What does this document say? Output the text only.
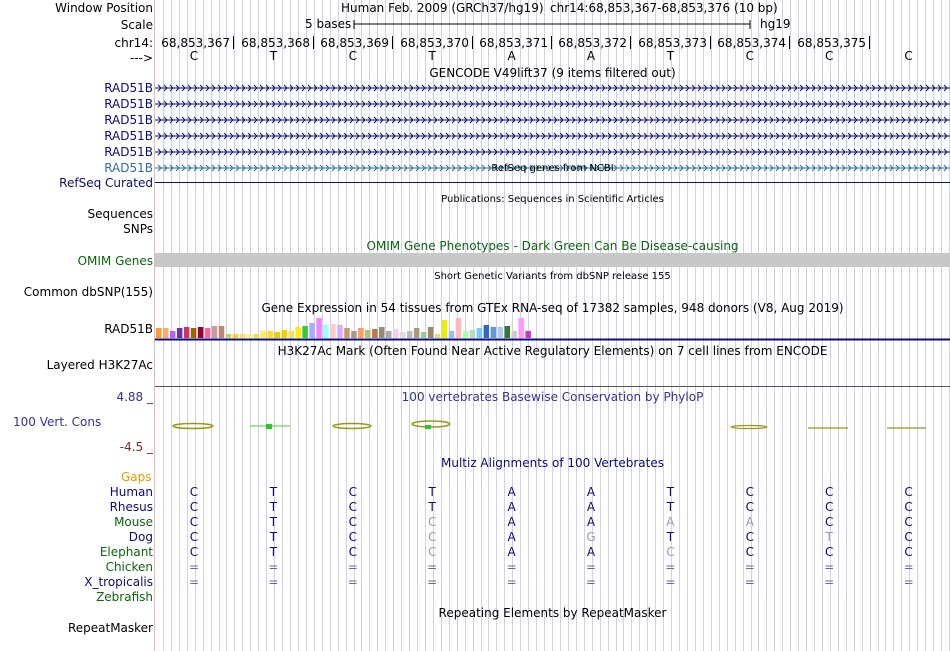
Window Position	Human Feb. 2009 (GRCh37/hg19) chr14:68,853,367-68,853,376 (10 bp)
Scale	5 bases	hg19
chr14: 68,853,367 68,853,368 68,853,369 68,853,370 68,853,371 68,853,372 68,853,373 68,853,374 68,853,375
--->	C	T	C	T	A	A	T	C	C	C
GENCODE V49lift37 (9 items filtered out)
RAD51B
RAD51B
RAD51B
RAD51B
RAD51B
RAD51B	RefSeq genes from NCBI
RefSeq Curated
Publications: Sequences in Scientific Articles
Sequences
SNPs
OMIM Gene Phenotypes - Dark Green Can Be Disease-causing
OMIM Genes
Short Genetic Variants from dbSNP release 155
Common dbSNP(155)
Gene Expression in 54 tissues from GTEx RNA-seq of 17382 samples, 948 donors (V8, Aug 2019)
RAD51B
H3K27Ac Mark (Often Found Near Active Regulatory Elements) on 7 cell lines from ENCODE
Layered H3K27Ac
100 vertebrates Basewise Conservation by PhyloP
4.88 _
100 Vert. Cons
-4.5 _
Gaps
Multiz Alignments of 100 Vertebrates
Human	C	T	C	T	A	A	T	C	C	C
Rhesus	C	T	C	T	A	A	T	C	C	C
Mouse	C	T	C	C	A	A	A	A	C	C
Dog	C	T	C	C	A	G	T	C	T	C
Elephant	C	T	C	C	A	A	C	C	C	C
Chicken	=	=	=	=	=	=	=	=	=	=
X_tropicalis	=	=	=	=	=	=	=	=	=	=
Zebrafish
Repeating Elements by RepeatMasker
RepeatMasker
